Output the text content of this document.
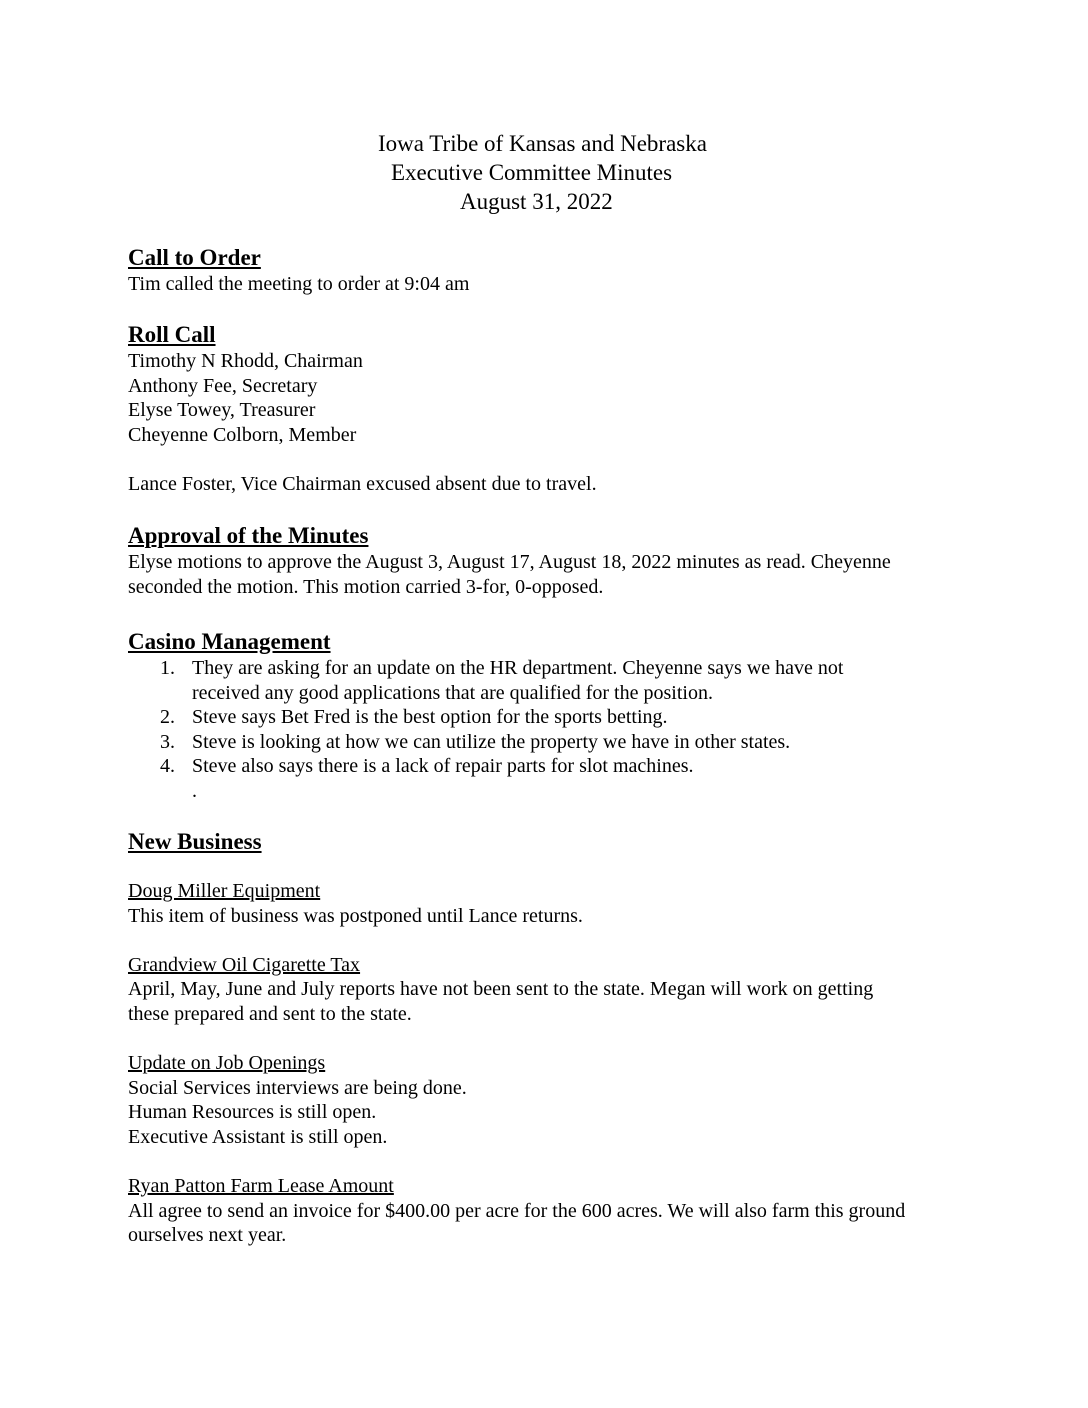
Iowa Tribe of Kansas and Nebraska
Executive Committee Minutes
August 31, 2022
Call to Order
Tim called the meeting to order at 9:04 am
Roll Call
Timothy N Rhodd, Chairman
Anthony Fee, Secretary
Elyse Towey, Treasurer
Cheyenne Colborn, Member
Lance Foster, Vice Chairman excused absent due to travel.
Approval of the Minutes
Elyse motions to approve the August 3, August 17, August 18, 2022 minutes as read. Cheyenne
seconded the motion. This motion carried 3-for, 0-opposed.
Casino Management
1. They are asking for an update on the HR department. Cheyenne says we have not
received any good applications that are qualified for the position.
2. Steve says Bet Fred is the best option for the sports betting.
3. Steve is looking at how we can utilize the property we have in other states.
4. Steve also says there is a lack of repair parts for slot machines.
.
New Business
Doug Miller Equipment
This item of business was postponed until Lance returns.
Grandview Oil Cigarette Tax
April, May, June and July reports have not been sent to the state. Megan will work on getting
these prepared and sent to the state.
Update on Job Openings
Social Services interviews are being done.
Human Resources is still open.
Executive Assistant is still open.
Ryan Patton Farm Lease Amount
All agree to send an invoice for $400.00 per acre for the 600 acres. We will also farm this ground
ourselves next year.
